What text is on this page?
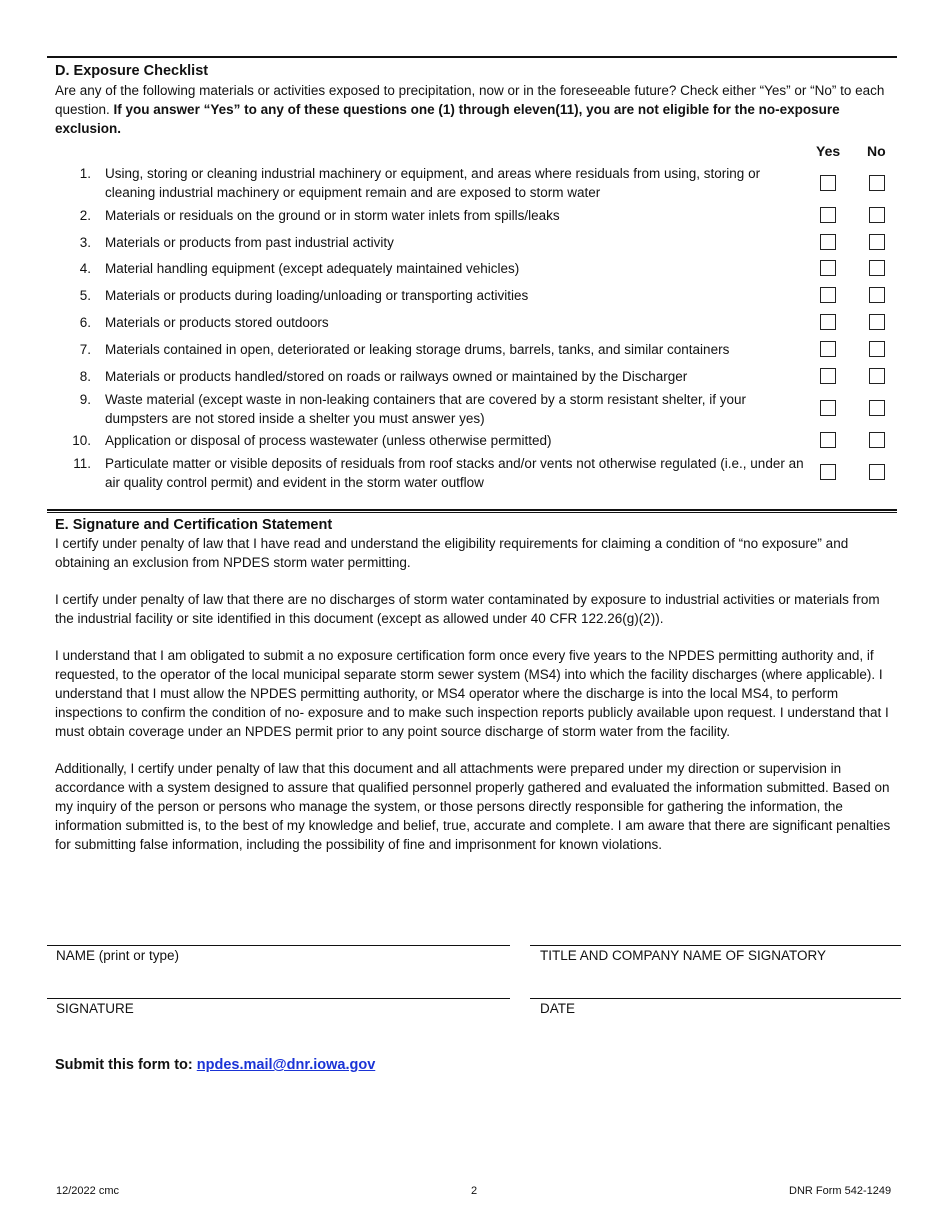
D. Exposure Checklist
Are any of the following materials or activities exposed to precipitation, now or in the foreseeable future? Check either “Yes” or “No” to each question. If you answer “Yes” to any of these questions one (1) through eleven(11), you are not eligible for the no-exposure exclusion.
Yes No
1.	Using, storing or cleaning industrial machinery or equipment, and areas where residuals from using, storing or cleaning industrial machinery or equipment remain and are exposed to storm water
2.	Materials or residuals on the ground or in storm water inlets from spills/leaks
3.	Materials or products from past industrial activity
4.	Material handling equipment (except adequately maintained vehicles)
5.	Materials or products during loading/unloading or transporting activities
6.	Materials or products stored outdoors
7.	Materials contained in open, deteriorated or leaking storage drums, barrels, tanks, and similar containers
8.	Materials or products handled/stored on roads or railways owned or maintained by the Discharger
9.	Waste material (except waste in non-leaking containers that are covered by a storm resistant shelter, if your dumpsters are not stored inside a shelter you must answer yes)
10.	Application or disposal of process wastewater (unless otherwise permitted)
11.	Particulate matter or visible deposits of residuals from roof stacks and/or vents not otherwise regulated (i.e., under an air quality control permit) and evident in the storm water outflow
E. Signature and Certification Statement

I certify under penalty of law that I have read and understand the eligibility requirements for claiming a condition of “no exposure” and obtaining an exclusion from NPDES storm water permitting.

I certify under penalty of law that there are no discharges of storm water contaminated by exposure to industrial activities or materials from the industrial facility or site identified in this document (except as allowed under 40 CFR 122.26(g)(2)).

I understand that I am obligated to submit a no exposure certification form once every five years to the NPDES permitting authority and, if requested, to the operator of the local municipal separate storm sewer system (MS4) into which the facility discharges (where applicable). I understand that I must allow the NPDES permitting authority, or MS4 operator where the discharge is into the local MS4, to perform inspections to confirm the condition of no- exposure and to make such inspection reports publicly available upon request. I understand that I must obtain coverage under an NPDES permit prior to any point source discharge of storm water from the facility.

Additionally, I certify under penalty of law that this document and all attachments were prepared under my direction or supervision in accordance with a system designed to assure that qualified personnel properly gathered and evaluated the information submitted. Based on my inquiry of the person or persons who manage the system, or those persons directly responsible for gathering the information, the information submitted is, to the best of my knowledge and belief, true, accurate and complete. I am aware that there are significant penalties for submitting false information, including the possibility of fine and imprisonment for known violations.

NAME (print or type)	TITLE AND COMPANY NAME OF SIGNATORY
SIGNATURE	DATE
Submit this form to: npdes.mail@dnr.iowa.gov
12/2022 cmc	2	DNR Form 542-1249
